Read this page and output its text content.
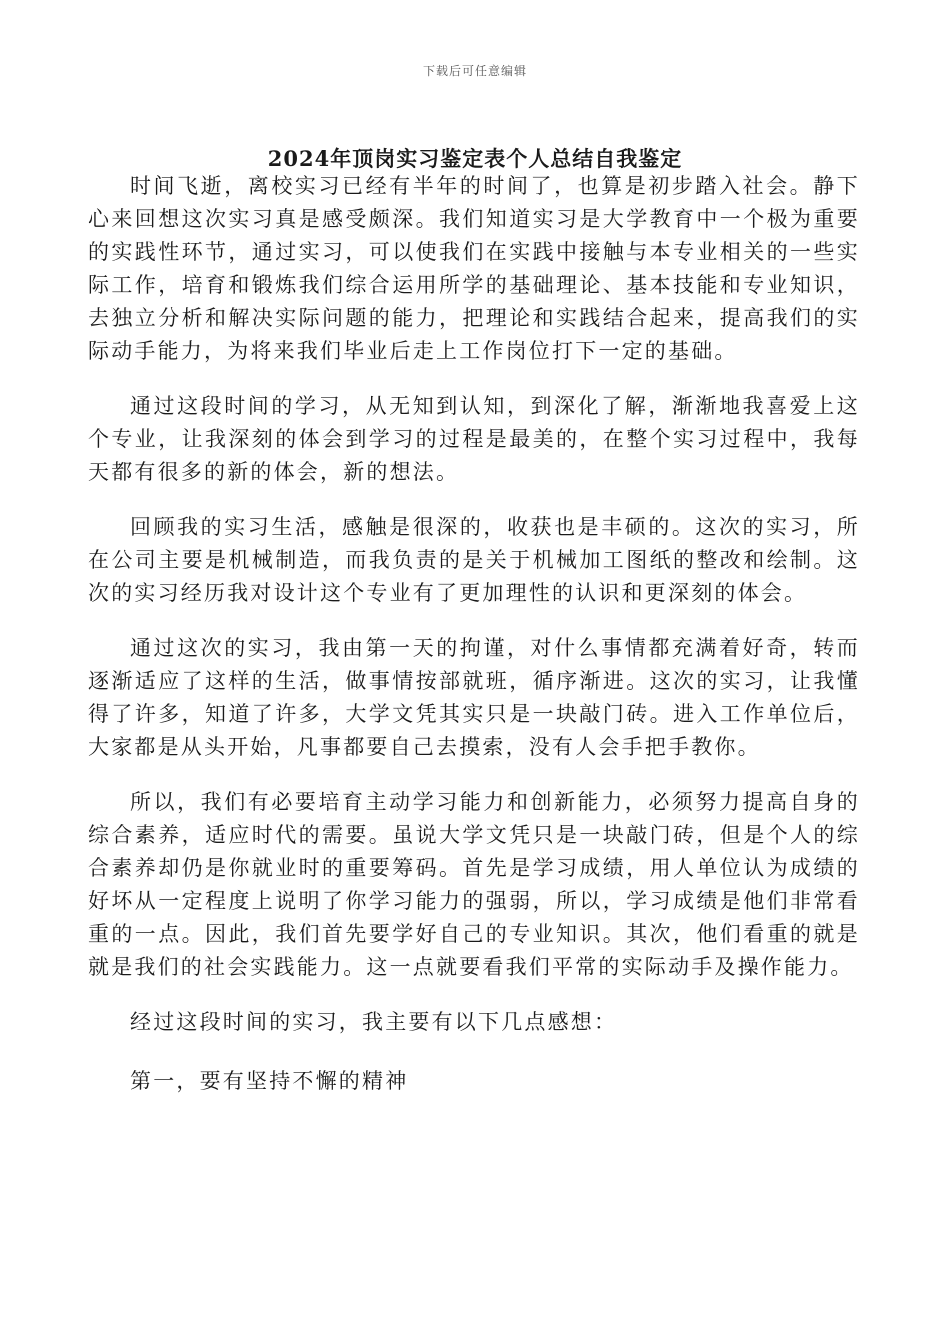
下载后可任意编辑
2024年顶岗实习鉴定表个人总结自我鉴定

时间飞逝，离校实习已经有半年的时间了，也算是初步踏入社会。静下心来回想这次实习真是感受颇深。我们知道实习是大学教育中一个极为重要的实践性环节，通过实习，可以使我们在实践中接触与本专业相关的一些实际工作，培育和锻炼我们综合运用所学的基础理论、基本技能和专业知识，去独立分析和解决实际问题的能力，把理论和实践结合起来，提高我们的实际动手能力，为将来我们毕业后走上工作岗位打下一定的基础。

通过这段时间的学习，从无知到认知，到深化了解，渐渐地我喜爱上这个专业，让我深刻的体会到学习的过程是最美的，在整个实习过程中，我每天都有很多的新的体会，新的想法。

回顾我的实习生活，感触是很深的，收获也是丰硕的。这次的实习，所在公司主要是机械制造，而我负责的是关于机械加工图纸的整改和绘制。这次的实习经历我对设计这个专业有了更加理性的认识和更深刻的体会。

通过这次的实习，我由第一天的拘谨，对什么事情都充满着好奇，转而逐渐适应了这样的生活，做事情按部就班，循序渐进。这次的实习，让我懂得了许多，知道了许多，大学文凭其实只是一块敲门砖。进入工作单位后，大家都是从头开始，凡事都要自己去摸索，没有人会手把手教你。

所以，我们有必要培育主动学习能力和创新能力，必须努力提高自身的综合素养，适应时代的需要。虽说大学文凭只是一块敲门砖，但是个人的综合素养却仍是你就业时的重要筹码。首先是学习成绩，用人单位认为成绩的好坏从一定程度上说明了你学习能力的强弱，所以，学习成绩是他们非常看重的一点。因此，我们首先要学好自己的专业知识。其次，他们看重的就是就是我们的社会实践能力。这一点就要看我们平常的实际动手及操作能力。

经过这段时间的实习，我主要有以下几点感想：

第一，要有坚持不懈的精神
